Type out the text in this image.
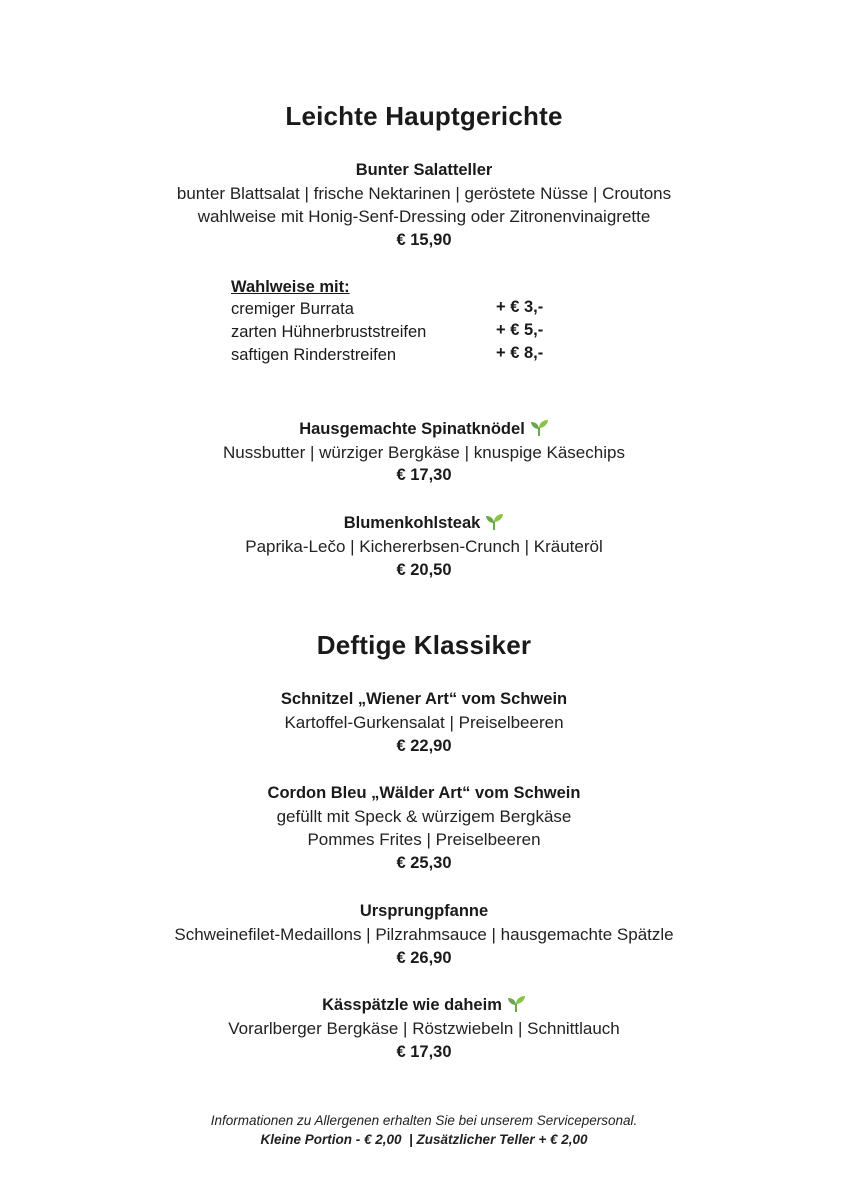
Leichte Hauptgerichte
Bunter Salatteller
bunter Blattsalat | frische Nektarinen | geröstete Nüsse | Croutons
wahlweise mit Honig-Senf-Dressing oder Zitronenvinaigrette
€ 15,90
Wahlweise mit:
cremiger Burrata	+ € 3,-
zarten Hühnerbruststreifen	+ € 5,-
saftigen Rinderstreifen	+ € 8,-
Hausgemachte Spinatknödel
Nussbutter | würziger Bergkäse | knuspige Käsechips
€ 17,30
Blumenkohlsteak
Paprika-Lečo | Kichererbsen-Crunch | Kräuteröl
€ 20,50
Deftige Klassiker
Schnitzel „Wiener Art“ vom Schwein
Kartoffel-Gurkensalat | Preiselbeeren
€ 22,90
Cordon Bleu „Wälder Art“ vom Schwein
gefüllt mit Speck & würzigem Bergkäse
Pommes Frites | Preiselbeeren
€ 25,30
Ursprungpfanne
Schweinefilet-Medaillons | Pilzrahmsauce | hausgemachte Spätzle
€ 26,90
Kässpätzle wie daheim
Vorarlberger Bergkäse | Röstzwiebeln | Schnittlauch
€ 17,30
Informationen zu Allergenen erhalten Sie bei unserem Servicepersonal.
Kleine Portion - € 2,00  | Zusätzlicher Teller + € 2,00
